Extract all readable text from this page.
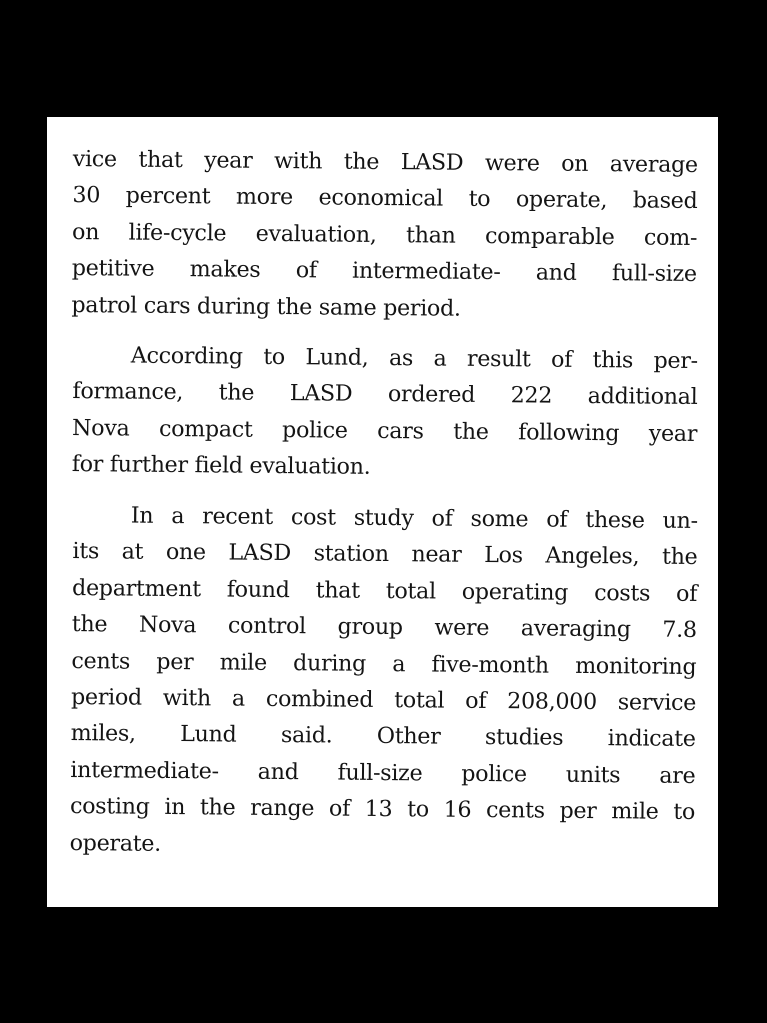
vice that year with the LASD were on average
30 percent more economical to operate, based
on life-cycle evaluation, than comparable com-
petitive makes of intermediate- and full-size
patrol cars during the same period.

According to Lund, as a result of this per-
formance, the LASD ordered 222 additional
Nova compact police cars the following year
for further field evaluation.

In a recent cost study of some of these un-
its at one LASD station near Los Angeles, the
department found that total operating costs of
the Nova control group were averaging 7.8
cents per mile during a five-month monitoring
period with a combined total of 208,000 service
miles, Lund said. Other studies indicate
intermediate- and full-size police units are
costing in the range of 13 to 16 cents per mile to
operate.
